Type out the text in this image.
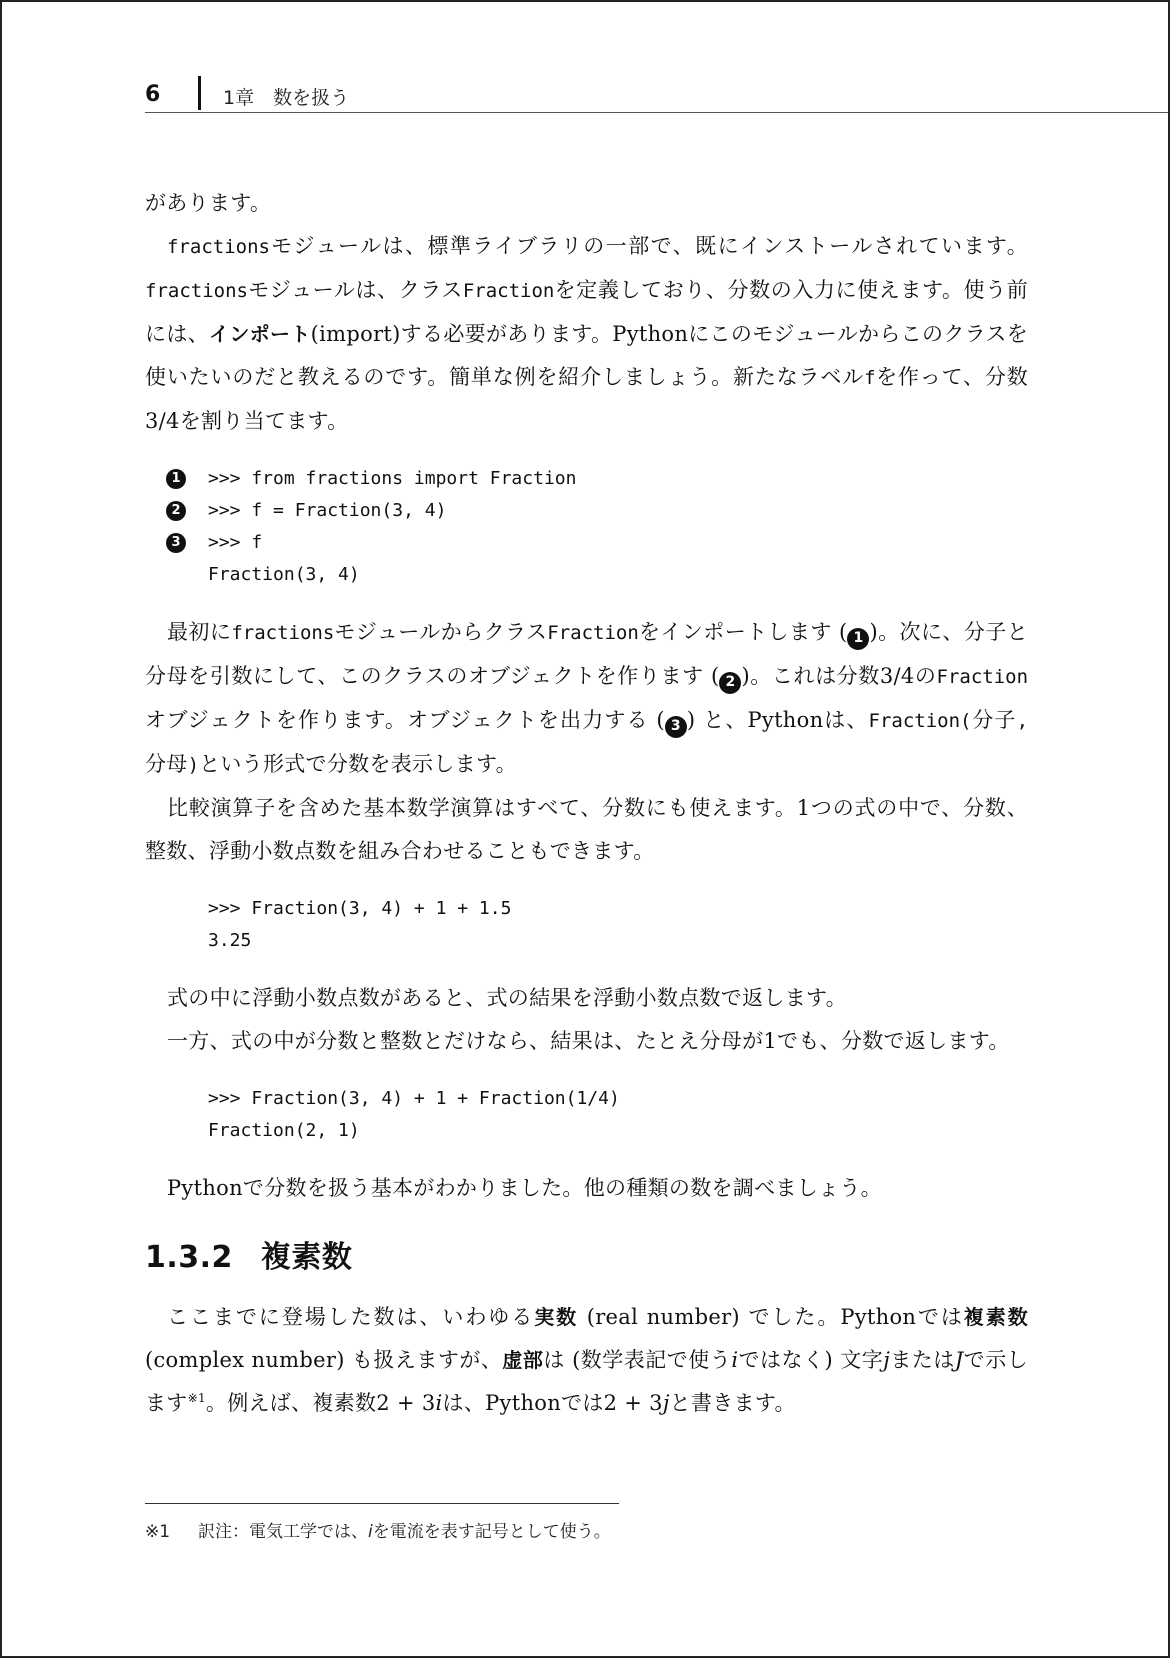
6	1章　数を扱う

があります。

fractionsモジュールは、標準ライブラリの一部で、既にインストールされています。fractionsモジュールは、クラスFractionを定義しており、分数の入力に使えます。使う前には、インポート(import)する必要があります。Pythonにこのモジュールからこのクラスを使いたいのだと教えるのです。簡単な例を紹介しましょう。新たなラベルfを作って、分数3/4を割り当てます。

1	>>> from fractions import Fraction
2	>>> f = Fraction(3, 4)
3	>>> f
Fraction(3, 4)

最初にfractionsモジュールからクラスFractionをインポートします ( 1 )。次に、分子と分母を引数にして、このクラスのオブジェクトを作ります ( 2 )。これは分数3/4のFractionオブジェクトを作ります。オブジェクトを出力する ( 3 ) と、Pythonは、Fraction(分子, 分母)という形式で分数を表示します。

比較演算子を含めた基本数学演算はすべて、分数にも使えます。1つの式の中で、分数、整数、浮動小数点数を組み合わせることもできます。

>>> Fraction(3, 4) + 1 + 1.5
3.25

式の中に浮動小数点数があると、式の結果を浮動小数点数で返します。

一方、式の中が分数と整数とだけなら、結果は、たとえ分母が1でも、分数で返します。

>>> Fraction(3, 4) + 1 + Fraction(1/4)
Fraction(2, 1)

Pythonで分数を扱う基本がわかりました。他の種類の数を調べましょう。

1.3.2 複素数

ここまでに登場した数は、いわゆる実数 (real number) でした。Pythonでは複素数 (complex number) も扱えますが、虚部は (数学表記で使うiではなく) 文字jまたはJで示します$^{※1}$。例えば、複素数2 + 3iは、Pythonでは2 + 3jと書きます。

※1 訳注：電気工学では、iを電流を表す記号として使う。
